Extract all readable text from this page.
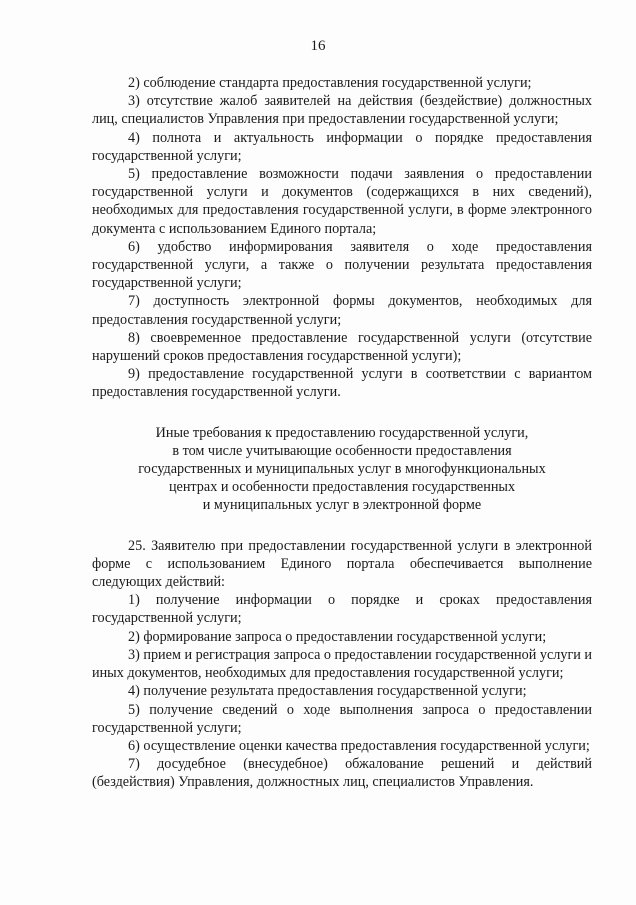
16

2) соблюдение стандарта предоставления государственной услуги;

3) отсутствие жалоб заявителей на действия (бездействие) должностных лиц, специалистов Управления при предоставлении государственной услуги;

4) полнота и актуальность информации о порядке предоставления государственной услуги;

5) предоставление возможности подачи заявления о предоставлении государственной услуги и документов (содержащихся в них сведений), необходимых для предоставления государственной услуги, в форме электронного документа с использованием Единого портала;

6) удобство информирования заявителя о ходе предоставления государственной услуги, а также о получении результата предоставления государственной услуги;

7) доступность электронной формы документов, необходимых для предоставления государственной услуги;

8) своевременное предоставление государственной услуги (отсутствие нарушений сроков предоставления государственной услуги);

9) предоставление государственной услуги в соответствии с вариантом предоставления государственной услуги.

Иные требования к предоставлению государственной услуги,
в том числе учитывающие особенности предоставления
государственных и муниципальных услуг в многофункциональных
центрах и особенности предоставления государственных
и муниципальных услуг в электронной форме

25. Заявителю при предоставлении государственной услуги в электронной форме с использованием Единого портала обеспечивается выполнение следующих действий:

1) получение информации о порядке и сроках предоставления государственной услуги;

2) формирование запроса о предоставлении государственной услуги;

3) прием и регистрация запроса о предоставлении государственной услуги и иных документов, необходимых для предоставления государственной услуги;

4) получение результата предоставления государственной услуги;

5) получение сведений о ходе выполнения запроса о предоставлении государственной услуги;

6) осуществление оценки качества предоставления государственной услуги;

7) досудебное (внесудебное) обжалование решений и действий (бездействия) Управления, должностных лиц, специалистов Управления.
